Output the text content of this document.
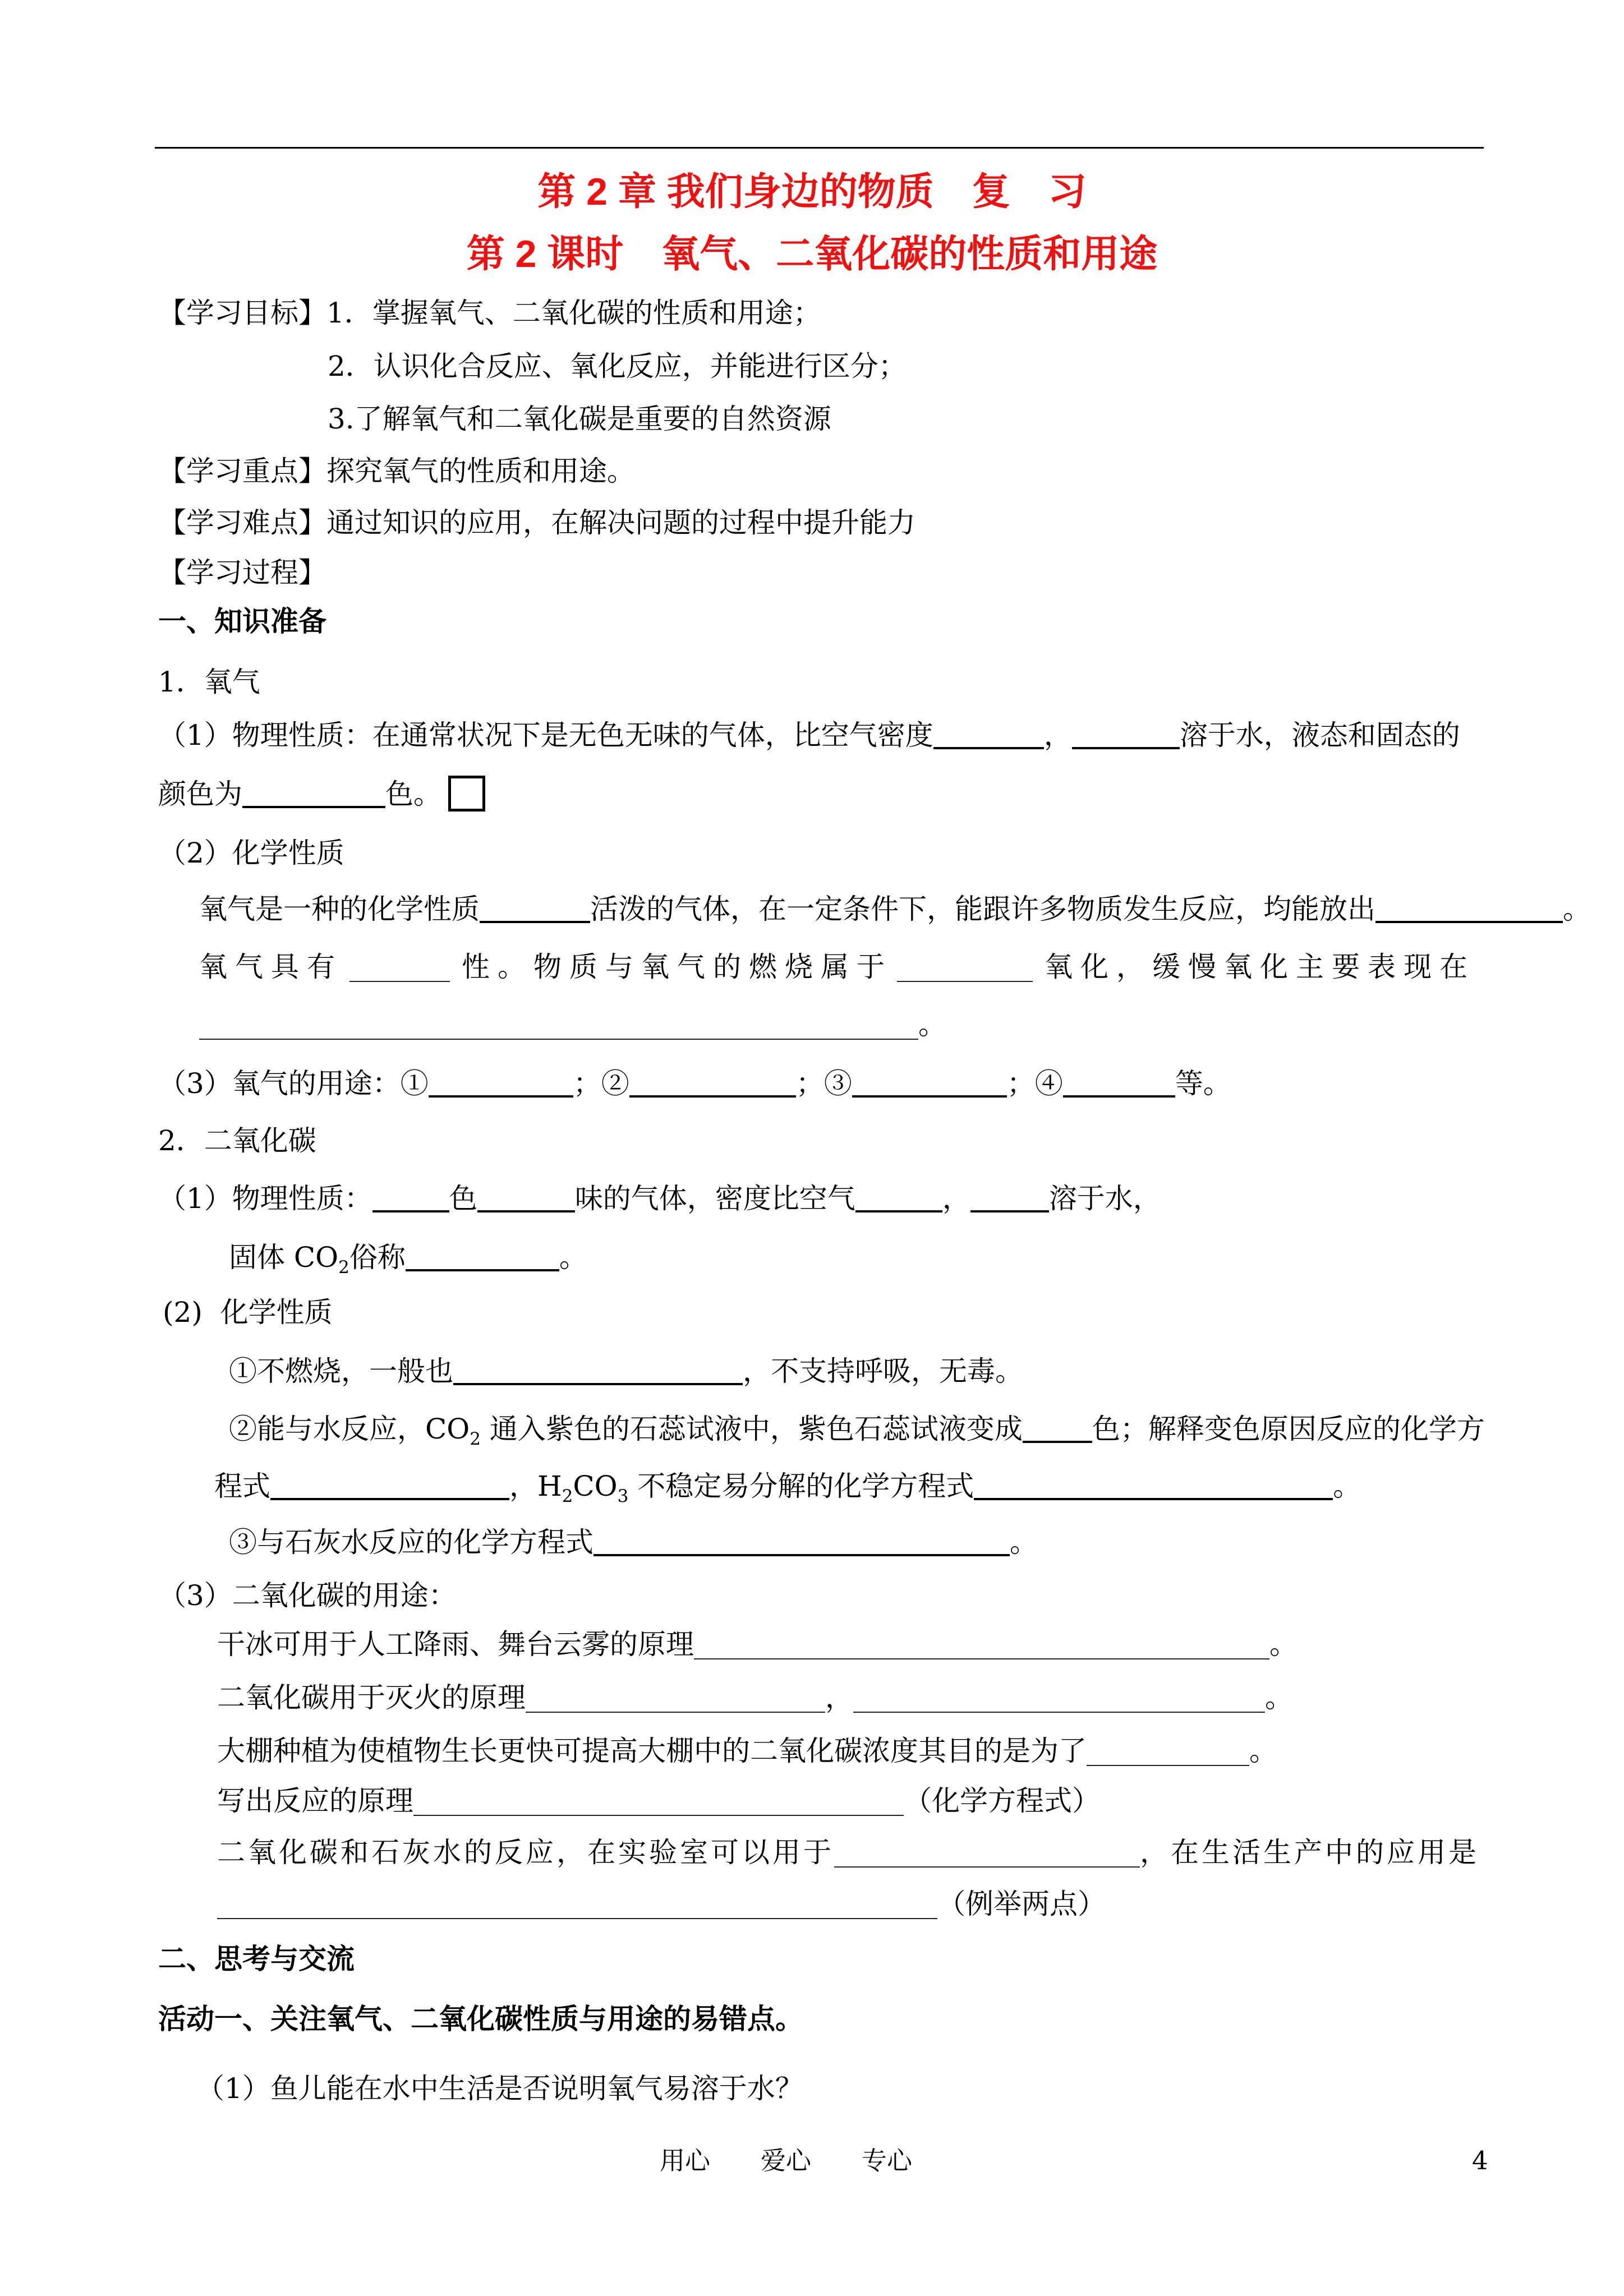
第 2 章 我们身边的物质　复　习
第 2 课时　氧气、二氧化碳的性质和用途
【学习目标】1．掌握氧气、二氧化碳的性质和用途；
2．认识化合反应、氧化反应，并能进行区分；
3.了解氧气和二氧化碳是重要的自然资源
【学习重点】探究氧气的性质和用途。
【学习难点】通过知识的应用，在解决问题的过程中提升能力
【学习过程】
一、知识准备
1．氧气
（1）物理性质：在通常状况下是无色无味的气体，比空气密度	，	溶于水，液态和固态的
颜色为	色。
（2）化学性质
氧气是一种的化学性质	活泼的气体，在一定条件下，能跟许多物质发生反应，均能放出	。
氧气具有	性。物质与氧气的燃烧属于	氧化，缓慢氧化主要表现在
。
（3）氧气的用途：①	；②	；③	；④	等。
2．二氧化碳
（1）物理性质：	色	味的气体，密度比空气	，	溶于水，
固体 $CO_2$俗称	。
(2)  化学性质
①不燃烧，一般也	，不支持呼吸，无毒。
②能与水反应，$CO_2$ 通入紫色的石蕊试液中，紫色石蕊试液变成 色；解释变色原因反应的化学方
程式	，$H_2CO_3$ 不稳定易分解的化学方程式	。
③与石灰水反应的化学方程式	。
（3）二氧化碳的用途：
干冰可用于人工降雨、舞台云雾的原理	。
二氧化碳用于灭火的原理	，	。
大棚种植为使植物生长更快可提高大棚中的二氧化碳浓度其目的是为了	。
写出反应的原理	（化学方程式）
二氧化碳和石灰水的反应，在实验室可以用于	，在生活生产中的应用是
（例举两点）
二、思考与交流
活动一、关注氧气、二氧化碳性质与用途的易错点。
（1）鱼儿能在水中生活是否说明氧气易溶于水？
用心　　爱心　　专心	4
